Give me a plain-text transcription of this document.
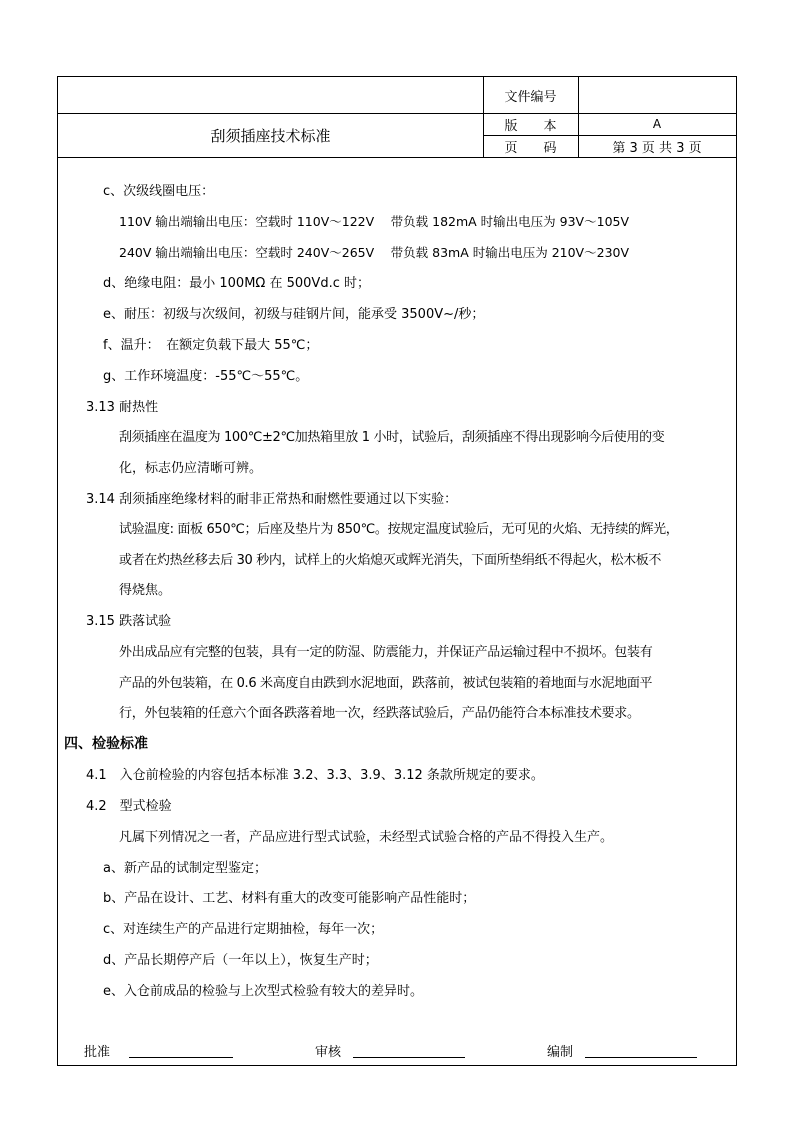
文件编号
版　　本	A
页　　码	第 3 页 共 3 页
刮须插座技术标准
c、次级线圈电压：
110V 输出端输出电压：空载时 110V～122V　 带负载 182mA 时输出电压为 93V～105V
240V 输出端输出电压：空载时 240V～265V　 带负载 83mA 时输出电压为 210V～230V
d、绝缘电阻：最小 100MΩ 在 500Vd.c 时；
e、耐压：初级与次级间，初级与硅钢片间，能承受 3500V~/秒；
f、温升：　在额定负载下最大 55℃；
g、工作环境温度：-55℃～55℃。
3.13 耐热性
刮须插座在温度为 100℃±2℃加热箱里放 1 小时，试验后，刮须插座不得出现影响今后使用的变
化，标志仍应清晰可辨。
3.14 刮须插座绝缘材料的耐非正常热和耐燃性要通过以下实验：
试验温度: 面板 650℃；后座及垫片为 850℃。按规定温度试验后，无可见的火焰、无持续的辉光，
或者在灼热丝移去后 30 秒内，试样上的火焰熄灭或辉光消失，下面所垫绢纸不得起火，松木板不
得烧焦。
3.15 跌落试验
外出成品应有完整的包装，具有一定的防湿、防震能力，并保证产品运输过程中不损坏。包装有
产品的外包装箱，在 0.6 米高度自由跌到水泥地面，跌落前，被试包装箱的着地面与水泥地面平
行，外包装箱的任意六个面各跌落着地一次，经跌落试验后，产品仍能符合本标准技术要求。
四、检验标准
4.1　入仓前检验的内容包括本标准 3.2、3.3、3.9、3.12 条款所规定的要求。
4.2　型式检验
凡属下列情况之一者，产品应进行型式试验，未经型式试验合格的产品不得投入生产。
a、新产品的试制定型鉴定；
b、产品在设计、工艺、材料有重大的改变可能影响产品性能时；
c、对连续生产的产品进行定期抽检，每年一次；
d、产品长期停产后（一年以上），恢复生产时；
e、入仓前成品的检验与上次型式检验有较大的差异时。
批准	审核	编制
